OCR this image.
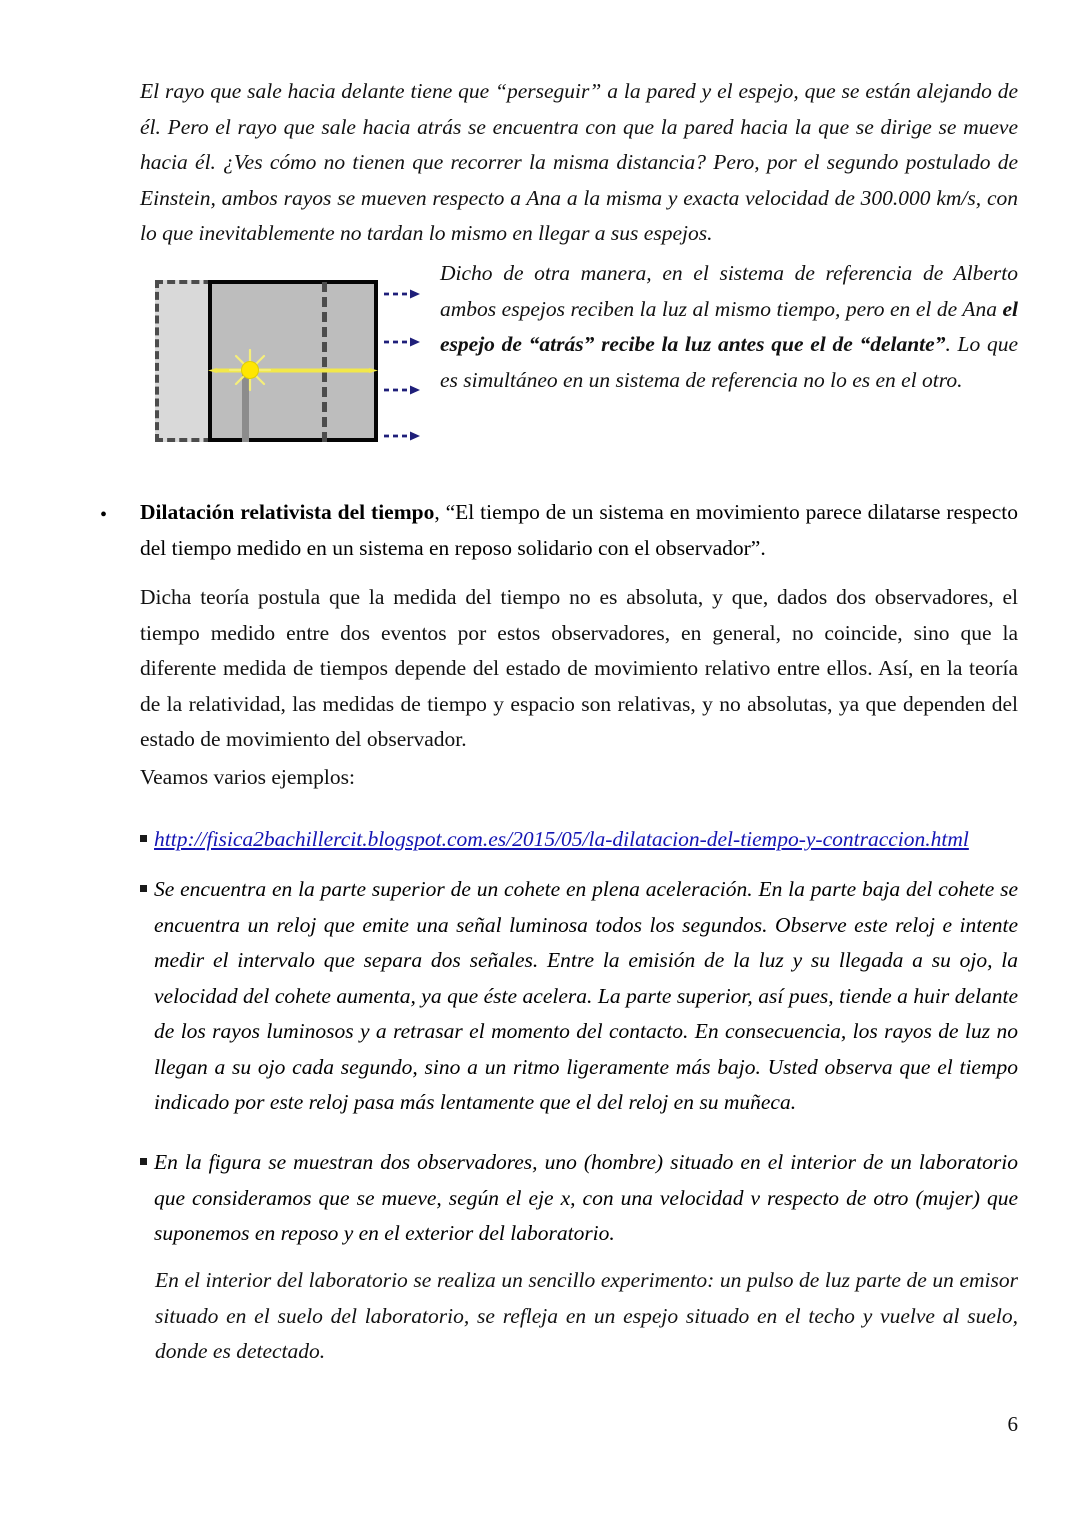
El rayo que sale hacia delante tiene que “perseguir” a la pared y el espejo, que se están alejando de él. Pero el rayo que sale hacia atrás se encuentra con que la pared hacia la que se dirige se mueve hacia él. ¿Ves cómo no tienen que recorrer la misma distancia? Pero, por el segundo postulado de Einstein, ambos rayos se mueven respecto a Ana a la misma y exacta velocidad de 300.000 km/s, con lo que inevitablemente no tardan lo mismo en llegar a sus espejos.
Dicho de otra manera, en el sistema de referencia de Alberto ambos espejos reciben la luz al mismo tiempo, pero en el de Ana el espejo de “atrás” recibe la luz antes que el de “delante”. Lo que es simultáneo en un sistema de referencia no lo es en el otro.
• Dilatación relativista del tiempo, “El tiempo de un sistema en movimiento parece dilatarse respecto del tiempo medido en un sistema en reposo solidario con el observador”.
Dicha teoría postula que la medida del tiempo no es absoluta, y que, dados dos observadores, el tiempo medido entre dos eventos por estos observadores, en general, no coincide, sino que la diferente medida de tiempos depende del estado de movimiento relativo entre ellos. Así, en la teoría de la relatividad, las medidas de tiempo y espacio son relativas, y no absolutas, ya que dependen del estado de movimiento del observador.
Veamos varios ejemplos:
http://fisica2bachillercit.blogspot.com.es/2015/05/la-dilatacion-del-tiempo-y-contraccion.html
Se encuentra en la parte superior de un cohete en plena aceleración. En la parte baja del cohete se encuentra un reloj que emite una señal luminosa todos los segundos. Observe este reloj e intente medir el intervalo que separa dos señales. Entre la emisión de la luz y su llegada a su ojo, la velocidad del cohete aumenta, ya que éste acelera. La parte superior, así pues, tiende a huir delante de los rayos luminosos y a retrasar el momento del contacto. En consecuencia, los rayos de luz no llegan a su ojo cada segundo, sino a un ritmo ligeramente más bajo. Usted observa que el tiempo indicado por este reloj pasa más lentamente que el del reloj en su muñeca.
En la figura se muestran dos observadores, uno (hombre) situado en el interior de un laboratorio que consideramos que se mueve, según el eje x, con una velocidad v respecto de otro (mujer) que suponemos en reposo y en el exterior del laboratorio.
En el interior del laboratorio se realiza un sencillo experimento: un pulso de luz parte de un emisor situado en el suelo del laboratorio, se refleja en un espejo situado en el techo y vuelve al suelo, donde es detectado.
6
